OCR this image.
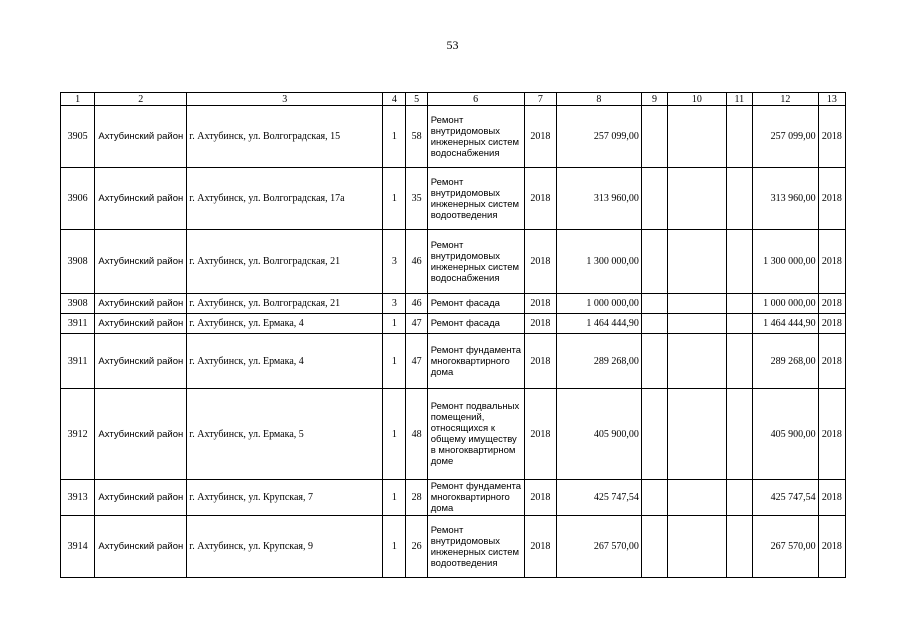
53
1	2	3	4	5	6	7	8	9	10	11	12	13
3905	Ахтубинский район	г. Ахтубинск, ул. Волгоградская, 15	1	58	Ремонт внутридомовых инженерных систем водоснабжения	2018	257 099,00				257 099,00	2018
3906	Ахтубинский район	г. Ахтубинск, ул. Волгоградская, 17а	1	35	Ремонт внутридомовых инженерных систем водоотведения	2018	313 960,00				313 960,00	2018
3908	Ахтубинский район	г. Ахтубинск, ул. Волгоградская, 21	3	46	Ремонт внутридомовых инженерных систем водоснабжения	2018	1 300 000,00				1 300 000,00	2018
3908	Ахтубинский район	г. Ахтубинск, ул. Волгоградская, 21	3	46	Ремонт фасада	2018	1 000 000,00				1 000 000,00	2018
3911	Ахтубинский район	г. Ахтубинск, ул. Ермака, 4	1	47	Ремонт фасада	2018	1 464 444,90				1 464 444,90	2018
3911	Ахтубинский район	г. Ахтубинск, ул. Ермака, 4	1	47	Ремонт фундамента многоквартирного дома	2018	289 268,00				289 268,00	2018
3912	Ахтубинский район	г. Ахтубинск, ул. Ермака, 5	1	48	Ремонт подвальных помещений, относящихся к общему имуществу в многоквартирном доме	2018	405 900,00				405 900,00	2018
3913	Ахтубинский район	г. Ахтубинск, ул. Крупская, 7	1	28	Ремонт фундамента многоквартирного дома	2018	425 747,54				425 747,54	2018
3914	Ахтубинский район	г. Ахтубинск, ул. Крупская, 9	1	26	Ремонт внутридомовых инженерных систем водоотведения	2018	267 570,00				267 570,00	2018
